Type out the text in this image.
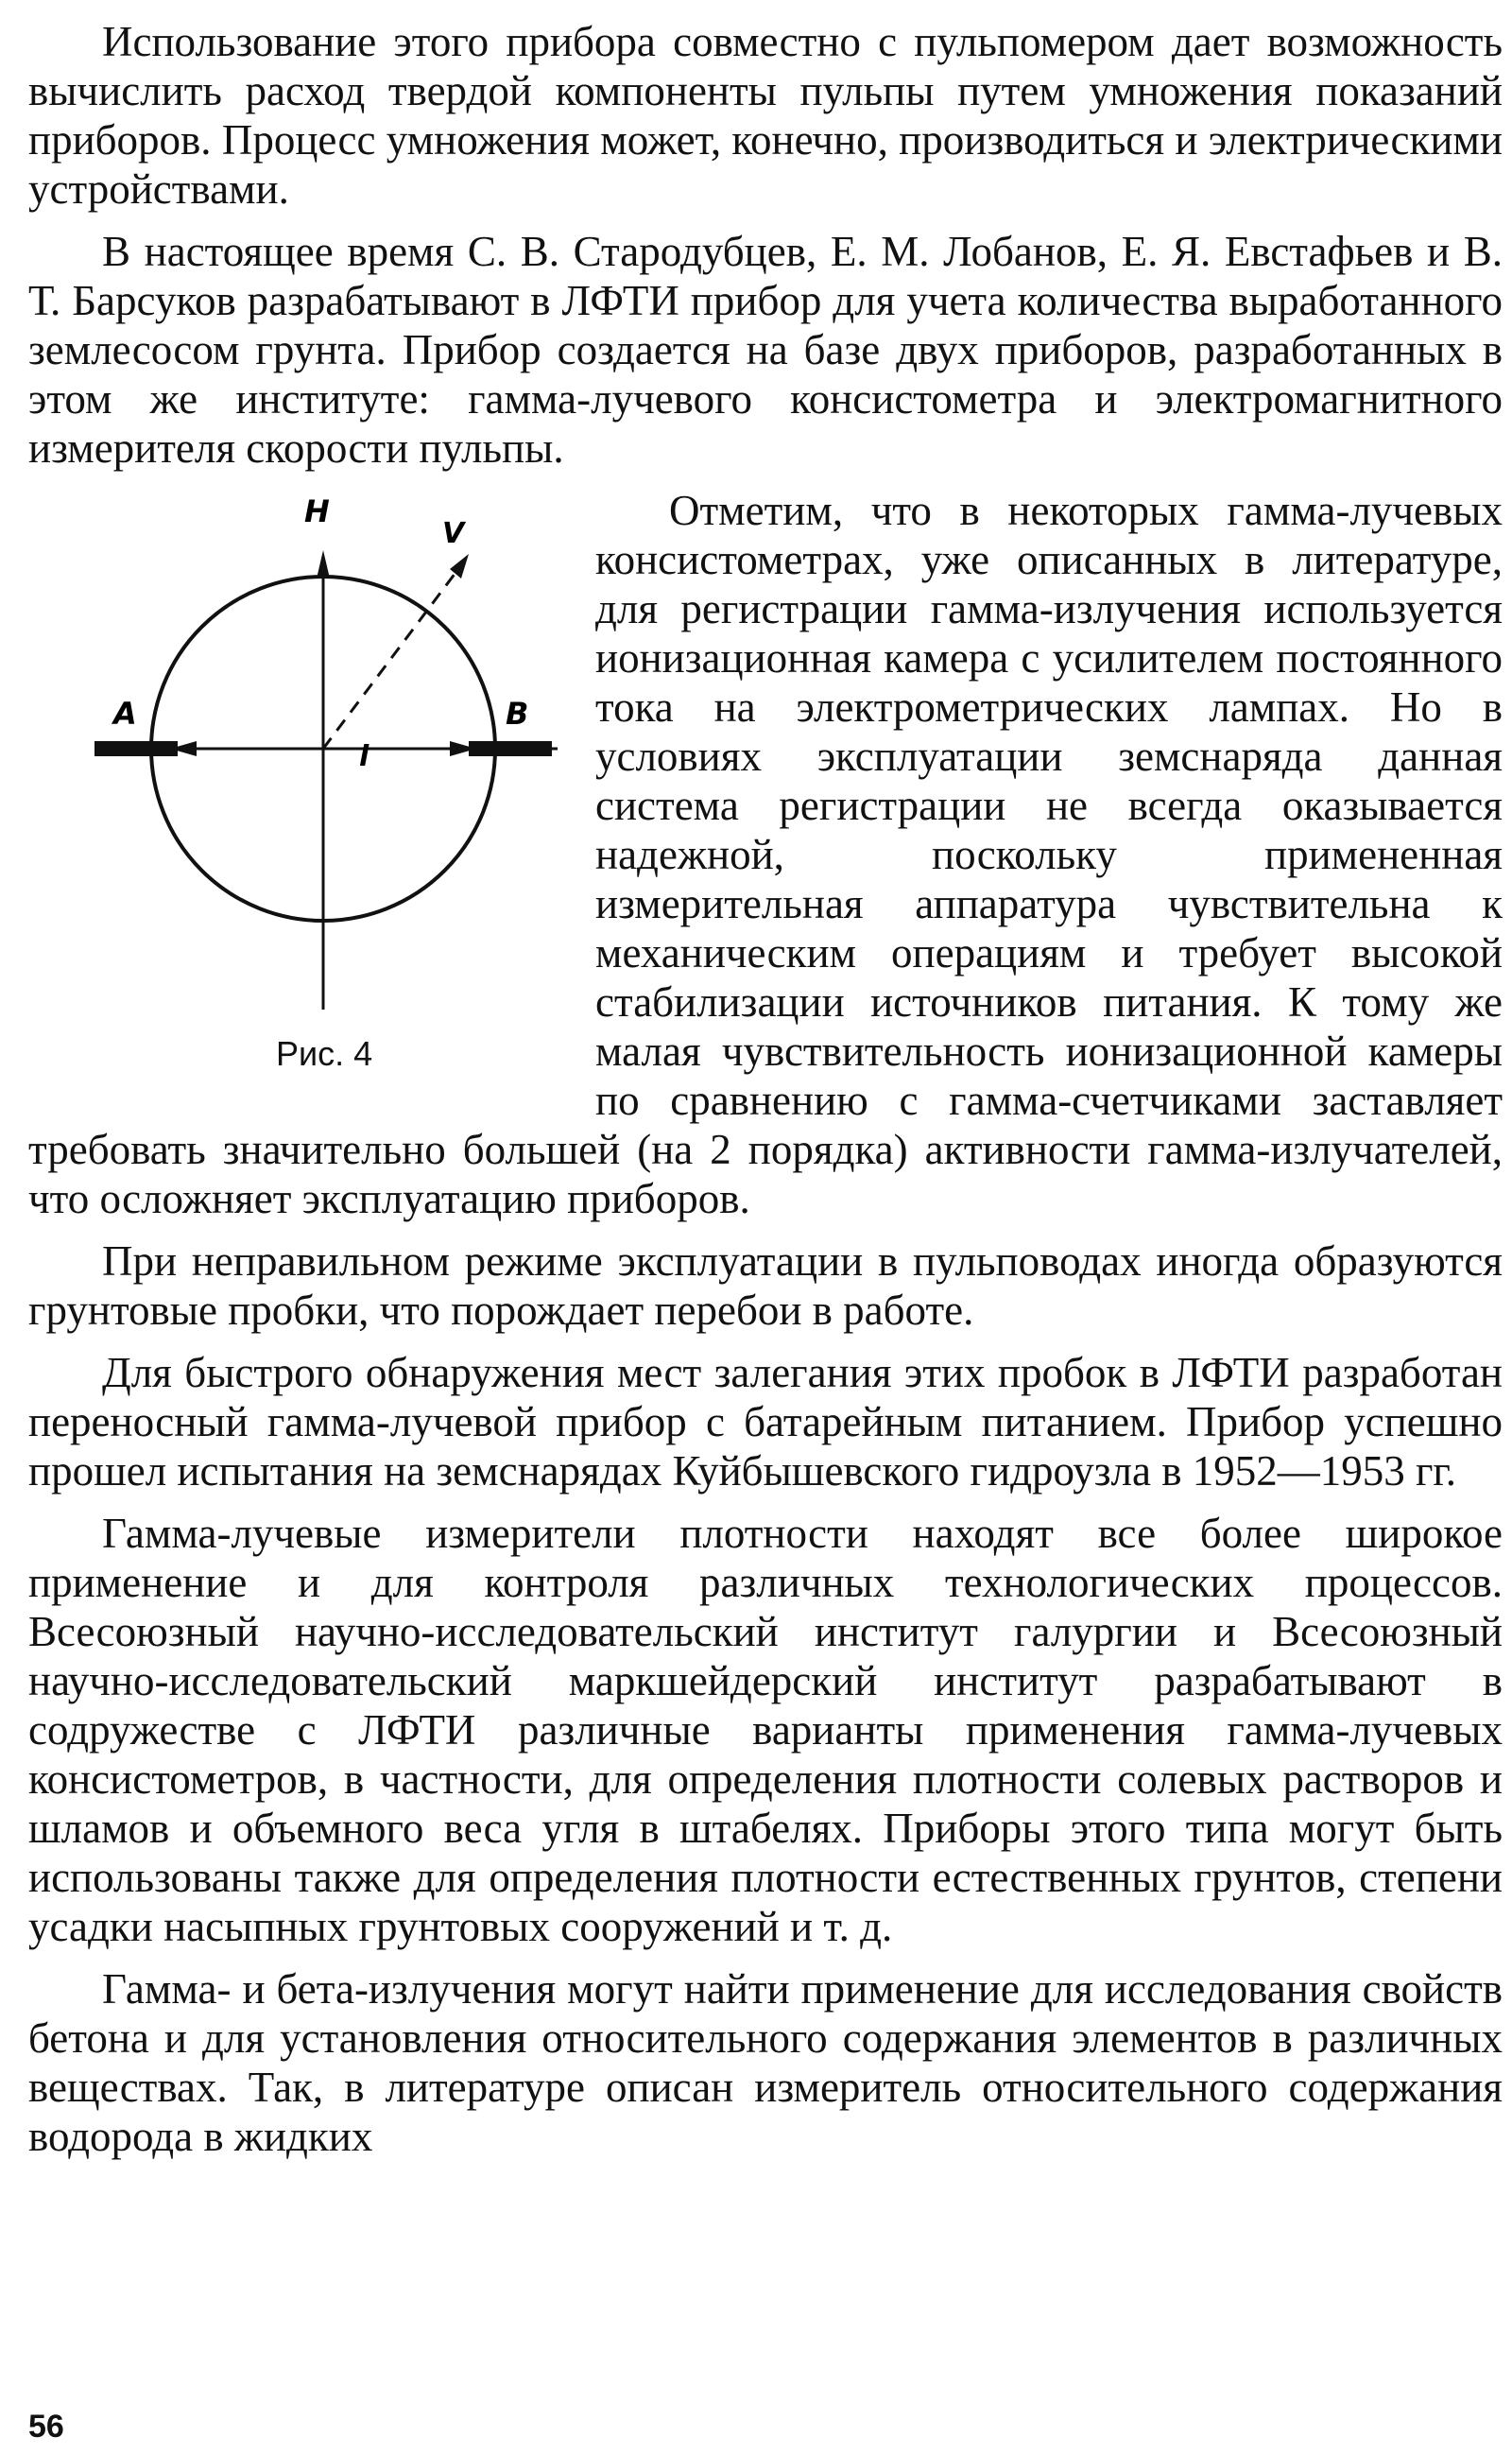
Использование этого прибора совместно с пульпомером дает возможность вычислить расход твердой компоненты пульпы путем умножения показаний приборов. Процесс умножения может, конечно, производиться и электрическими устройствами.

В настоящее время С. В. Стародубцев, Е. М. Лобанов, Е. Я. Евстафьев и В. Т. Барсуков разрабатывают в ЛФТИ прибор для учета количества выработанного землесосом грунта. Прибор создается на базе двух приборов, разработанных в этом же институте: гамма-лучевого консистометра и электромагнитного измерителя скорости пульпы.

H
V
A	B
l
Рис. 4

Отметим, что в некоторых гамма-лучевых консистометрах, уже описанных в литературе, для регистрации гамма-излучения используется ионизационная камера с усилителем постоянного тока на электрометрических лампах. Но в условиях эксплуатации земснаряда данная система регистрации не всегда оказывается надежной, поскольку примененная измерительная аппаратура чувствительна к механическим операциям и требует высокой стабилизации источников питания. К тому же малая чувствительность ионизационной камеры по сравнению с гамма-счетчиками заставляет требовать значительно большей (на 2 порядка) активности гамма-излучателей, что осложняет эксплуатацию приборов.

При неправильном режиме эксплуатации в пульповодах иногда образуются грунтовые пробки, что порождает перебои в работе.

Для быстрого обнаружения мест залегания этих пробок в ЛФТИ разработан переносный гамма-лучевой прибор с батарейным питанием. Прибор успешно прошел испытания на земснарядах Куйбышевского гидроузла в 1952—1953 гг.

Гамма-лучевые измерители плотности находят все более широкое применение и для контроля различных технологических процессов. Всесоюзный научно-исследовательский институт галургии и Всесоюзный научно-исследовательский маркшейдерский институт разрабатывают в содружестве с ЛФТИ различные варианты применения гамма-лучевых консистометров, в частности, для определения плотности солевых растворов и шламов и объемного веса угля в штабелях. Приборы этого типа могут быть использованы также для определения плотности естественных грунтов, степени усадки насыпных грунтовых сооружений и т. д.

Гамма- и бета-излучения могут найти применение для исследования свойств бетона и для установления относительного содержания элементов в различных веществах. Так, в литературе описан измеритель относительного содержания водорода в жидких

56
